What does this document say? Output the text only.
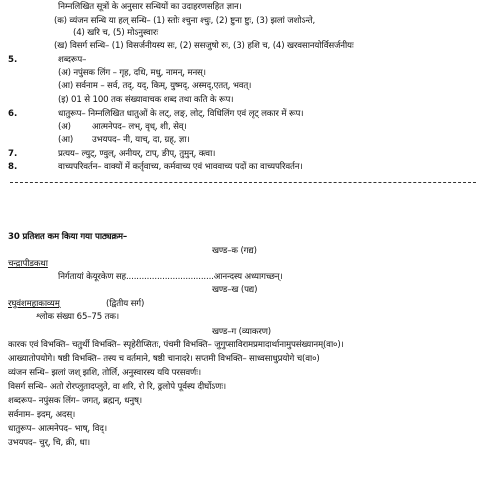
निम्नलिखित सूत्रों के अनुसार सन्धियों का उदाहरणसहित ज्ञान।
(क) व्यंजन सन्धि या हल् सन्धि– (1) स्तोः श्चुना श्चुः, (2) ष्टुना ष्टुः, (3) झलां जशोऽन्ते,
(4) खरि च, (5) मोऽनुस्वारः
(ख) विसर्ग सन्धि– (1) विसर्जनीयस्य सः, (2) ससजुषो रुः, (3) हशि च, (4) खरवसानयोर्विसर्जनीयः
5.	शब्दरूप–
(अ) नपुंसक लिंग – गृह, दधि, मधु, नामन्, मनस्।
(आ) सर्वनाम – सर्व, तद्, यद्, किम्, युष्मद्, अस्मद्,एतत्, भवत्।
(इ) 01 से 100 तक संख्यावाचक शब्द तथा कति के रूप।
6.	धातुरूप– निम्नलिखित धातुओं के लट्, लङ्, लोट्, विधिलिंग एवं लृट् लकार में रूप।
(अ) आत्मनेपद– लभ्, वृध्, शी, सेव्।
(आ) उभयपद– नी, याच्, दा, ग्रह्, ज्ञा।
7.	प्रत्यय– ल्युट्, ण्वुल्, अनीयर्, टाप्, ङीप्, तुमुन्, क्त्वा।
8.	वाच्यपरिवर्तन– वाक्यों में कर्तृवाच्य, कर्मवाच्य एवं भाववाच्य पदों का वाच्यपरिवर्तन।
30 प्रतिशत कम किया गया पाठ्यक्रम–
खण्ड–क (गद्य)
चन्द्रापीडकथा
निर्गतायां केयूरकेण सह..................................आनन्दस्य अध्यागच्छन्।
खण्ड–ख (पद्य)
रघुवंशमहाकाव्यम्	(द्वितीय सर्ग)
श्लोक संख्या 65–75 तक।
खण्ड–ग (व्याकरण)
कारक एवं विभक्ति– चतुर्थी विभक्ति– स्पृहेरीप्सितः, पंचमी विभक्ति– जुगुप्साविरामप्रमादार्थानामुपसंख्यानम्(वा०)।
आख्यातोपयोगे। षष्ठी विभक्ति– तस्य च वर्तमाने, षष्ठी चानादरे। सप्तमी विभक्ति– साध्वसाधुप्रयोगे च(वा०)
व्यंजन सन्धि– झलां जश् झशि, तोर्लि, अनुस्वारस्य ययि परसवर्णः।
विसर्ग सन्धि– अतो रोरप्लुतादप्लुते, वा शरि, रो रि, ढ्रलोपे पूर्वस्य दीर्घोऽणः।
शब्दरूप– नपुंसक लिंग– जगत्, ब्रह्मन्, धनुष्।
सर्वनाम– इदम्, अदस्।
धातुरूप– आत्मनेपद– भाष्, विद्।
उभयपद– चुर्, चि, क्री, धा।
